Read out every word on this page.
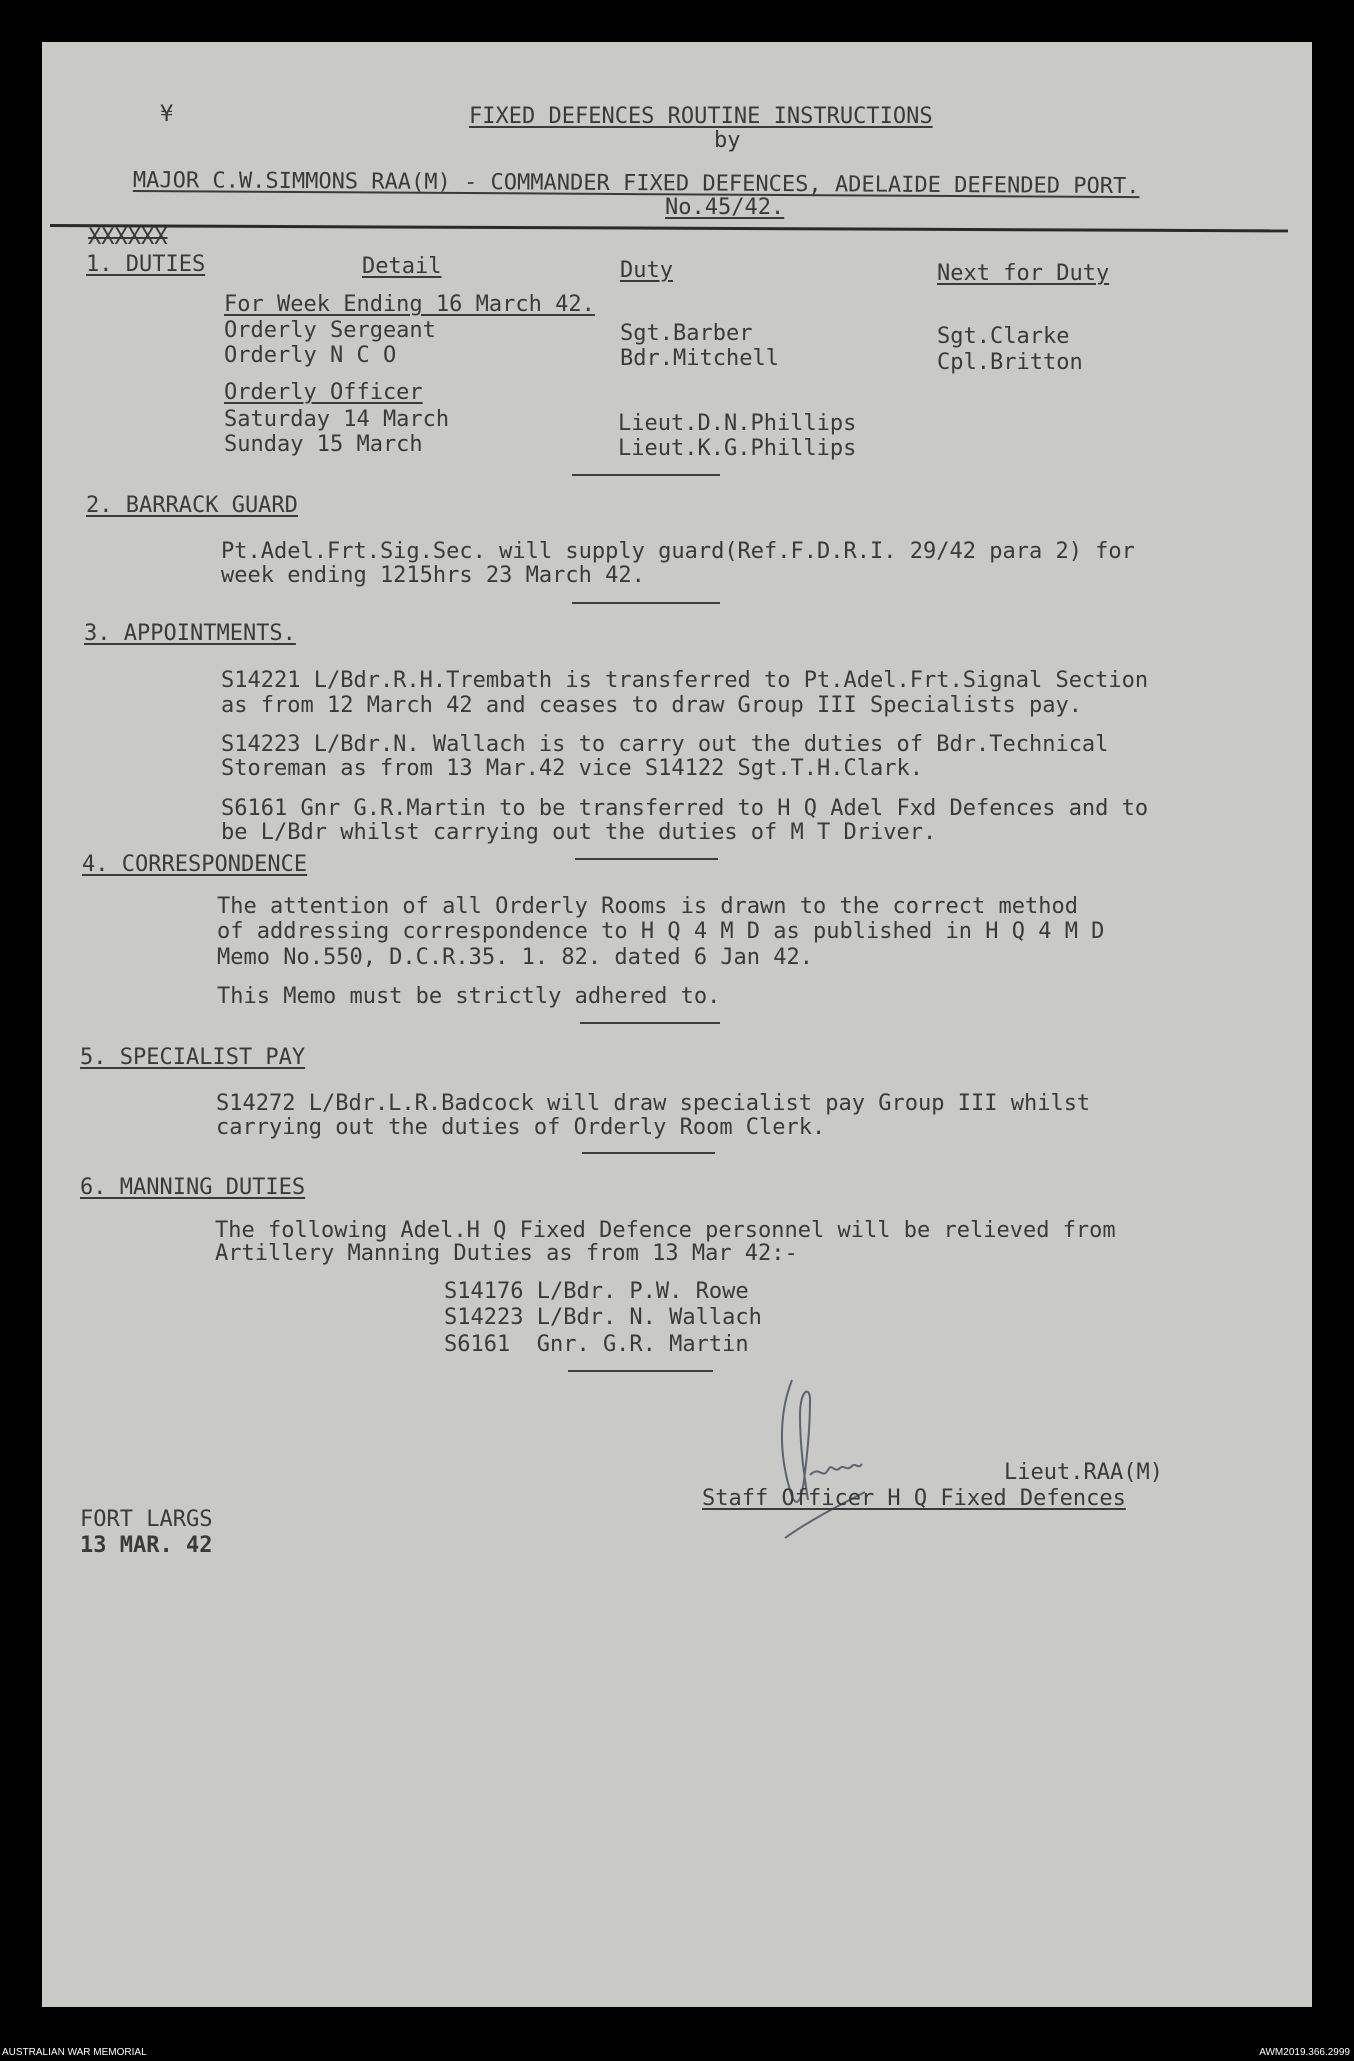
¥	FIXED DEFENCES ROUTINE INSTRUCTIONS
by
MAJOR C.W.SIMMONS RAA(M) - COMMANDER FIXED DEFENCES, ADELAIDE DEFENDED PORT.
No.45/42.
XXXXXX
1. DUTIES	Detail	Duty	Next for Duty
For Week Ending 16 March 42.
Orderly Sergeant	Sgt.Barber	Sgt.Clarke
Orderly N C O	Bdr.Mitchell	Cpl.Britton
Orderly Officer
Saturday 14 March	Lieut.D.N.Phillips
Sunday 15 March	Lieut.K.G.Phillips
2. BARRACK GUARD
Pt.Adel.Frt.Sig.Sec. will supply guard(Ref.F.D.R.I. 29/42 para 2) for
week ending 1215hrs 23 March 42.
3. APPOINTMENTS.
S14221 L/Bdr.R.H.Trembath is transferred to Pt.Adel.Frt.Signal Section
as from 12 March 42 and ceases to draw Group III Specialists pay.
S14223 L/Bdr.N. Wallach is to carry out the duties of Bdr.Technical
Storeman as from 13 Mar.42 vice S14122 Sgt.T.H.Clark.
S6161 Gnr G.R.Martin to be transferred to H Q Adel Fxd Defences and to
be L/Bdr whilst carrying out the duties of M T Driver.
4. CORRESPONDENCE
The attention of all Orderly Rooms is drawn to the correct method
of addressing correspondence to H Q 4 M D as published in H Q 4 M D
Memo No.550, D.C.R.35. 1. 82. dated 6 Jan 42.
This Memo must be strictly adhered to.
5. SPECIALIST PAY
S14272 L/Bdr.L.R.Badcock will draw specialist pay Group III whilst
carrying out the duties of Orderly Room Clerk.
6. MANNING DUTIES
The following Adel.H Q Fixed Defence personnel will be relieved from
Artillery Manning Duties as from 13 Mar 42:-
S14176 L/Bdr. P.W. Rowe
S14223 L/Bdr. N. Wallach
S6161  Gnr. G.R. Martin
Lieut.RAA(M)
Staff Officer H Q Fixed Defences
FORT LARGS
13 MAR. 42
AUSTRALIAN WAR MEMORIAL	AWM2019.366.2999
